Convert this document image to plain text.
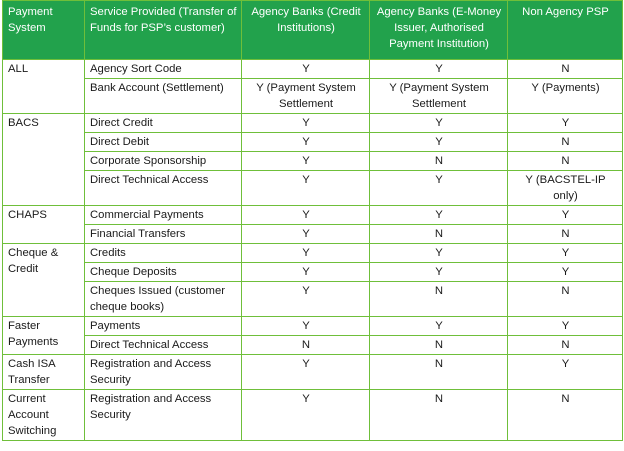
Payment System	Service Provided (Transfer of Funds for PSP’s customer)	Agency Banks (Credit Institutions)	Agency Banks (E-Money Issuer, Authorised Payment Institution)	Non Agency PSP
ALL	Agency Sort Code	Y	Y	N
	Bank Account (Settlement)	Y (Payment System Settlement	Y (Payment System Settlement	Y (Payments)
BACS	Direct Credit	Y	Y	Y
	Direct Debit	Y	Y	N
	Corporate Sponsorship	Y	N	N
	Direct Technical Access	Y	Y	Y (BACSTEL-IP only)
CHAPS	Commercial Payments	Y	Y	Y
	Financial Transfers	Y	N	N
Cheque & Credit	Credits	Y	Y	Y
	Cheque Deposits	Y	Y	Y
	Cheques Issued (customer cheque books)	Y	N	N
Faster Payments	Payments	Y	Y	Y
	Direct Technical Access	N	N	N
Cash ISA Transfer	Registration and Access Security	Y	N	Y
Current Account Switching	Registration and Access Security	Y	N	N
